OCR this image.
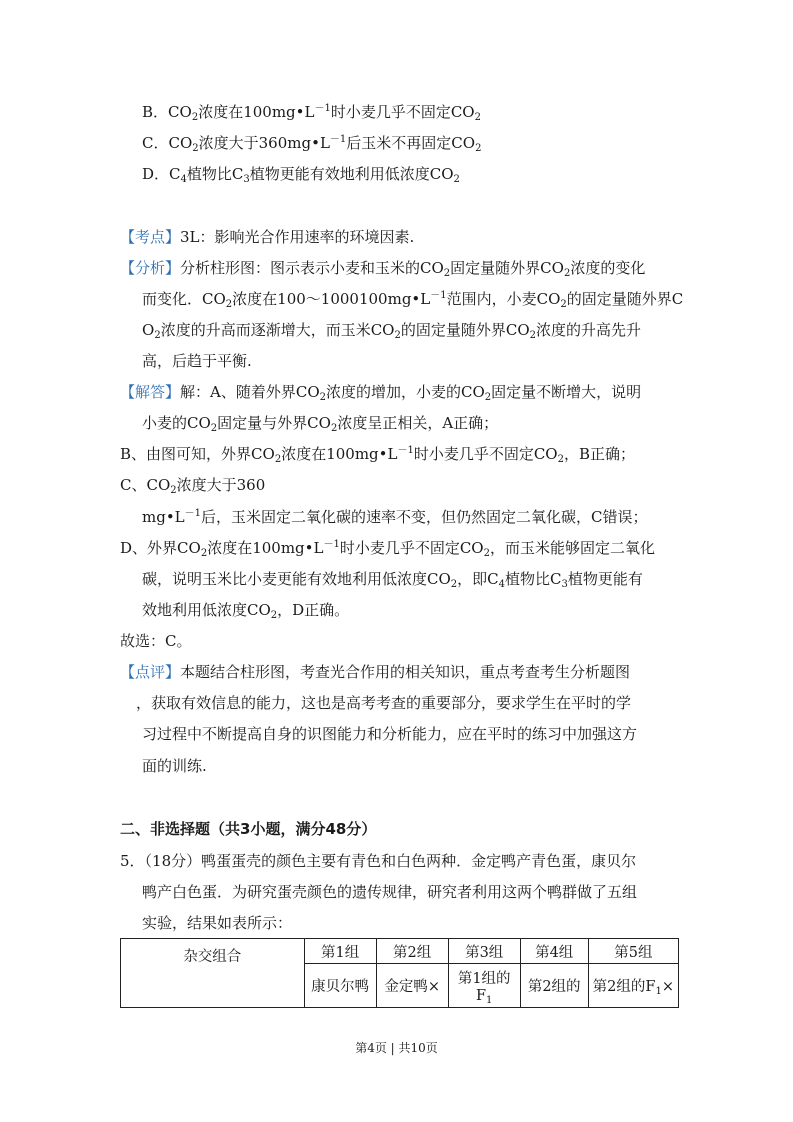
B．$CO_2$浓度在$100mg•L^{-1}$时小麦几乎不固定$CO_2$
C．$CO_2$浓度大于$360mg•L^{-1}$后玉米不再固定$CO_2$
D．$C_4$植物比$C_3$植物更能有效地利用低浓度$CO_2$
【考点】3L：影响光合作用速率的环境因素.
【分析】分析柱形图：图示表示小麦和玉米的$CO_2$固定量随外界$CO_2$浓度的变化
而变化．$CO_2$浓度在$100\sim 1000100mg•L^{-1}$范围内，小麦$CO_2$的固定量随外界C
$O_2$浓度的升高而逐渐增大，而玉米$CO_2$的固定量随外界$CO_2$浓度的升高先升
高，后趋于平衡.
【解答】解：A、随着外界$CO_2$浓度的增加，小麦的$CO_2$固定量不断增大，说明
小麦的$CO_2$固定量与外界$CO_2$浓度呈正相关，A正确；
B、由图可知，外界$CO_2$浓度在$100mg•L^{-1}$时小麦几乎不固定$CO_2$，B正确；
C、$CO_2$浓度大于360
$mg•L^{-1}$后，玉米固定二氧化碳的速率不变，但仍然固定二氧化碳，C错误；
D、外界$CO_2$浓度在$100mg•L^{-1}$时小麦几乎不固定$CO_2$，而玉米能够固定二氧化
碳，说明玉米比小麦更能有效地利用低浓度$CO_2$，即$C_4$植物比$C_3$植物更能有
效地利用低浓度$CO_2$，D正确。
故选：C。
【点评】本题结合柱形图，考查光合作用的相关知识，重点考查考生分析题图
，获取有效信息的能力，这也是高考考查的重要部分，要求学生在平时的学
习过程中不断提高自身的识图能力和分析能力，应在平时的练习中加强这方
面的训练.
二、非选择题（共3小题，满分48分）
5．（18分）鸭蛋蛋壳的颜色主要有青色和白色两种．金定鸭产青色蛋，康贝尔
鸭产白色蛋．为研究蛋壳颜色的遗传规律，研究者利用这两个鸭群做了五组
实验，结果如表所示：
杂交组合	第1组	第2组	第3组	第4组	第5组
	康贝尔鸭	金定鸭×	第1组的$F_1$	第2组的	第2组的$F_1\times$
第4页 | 共10页
